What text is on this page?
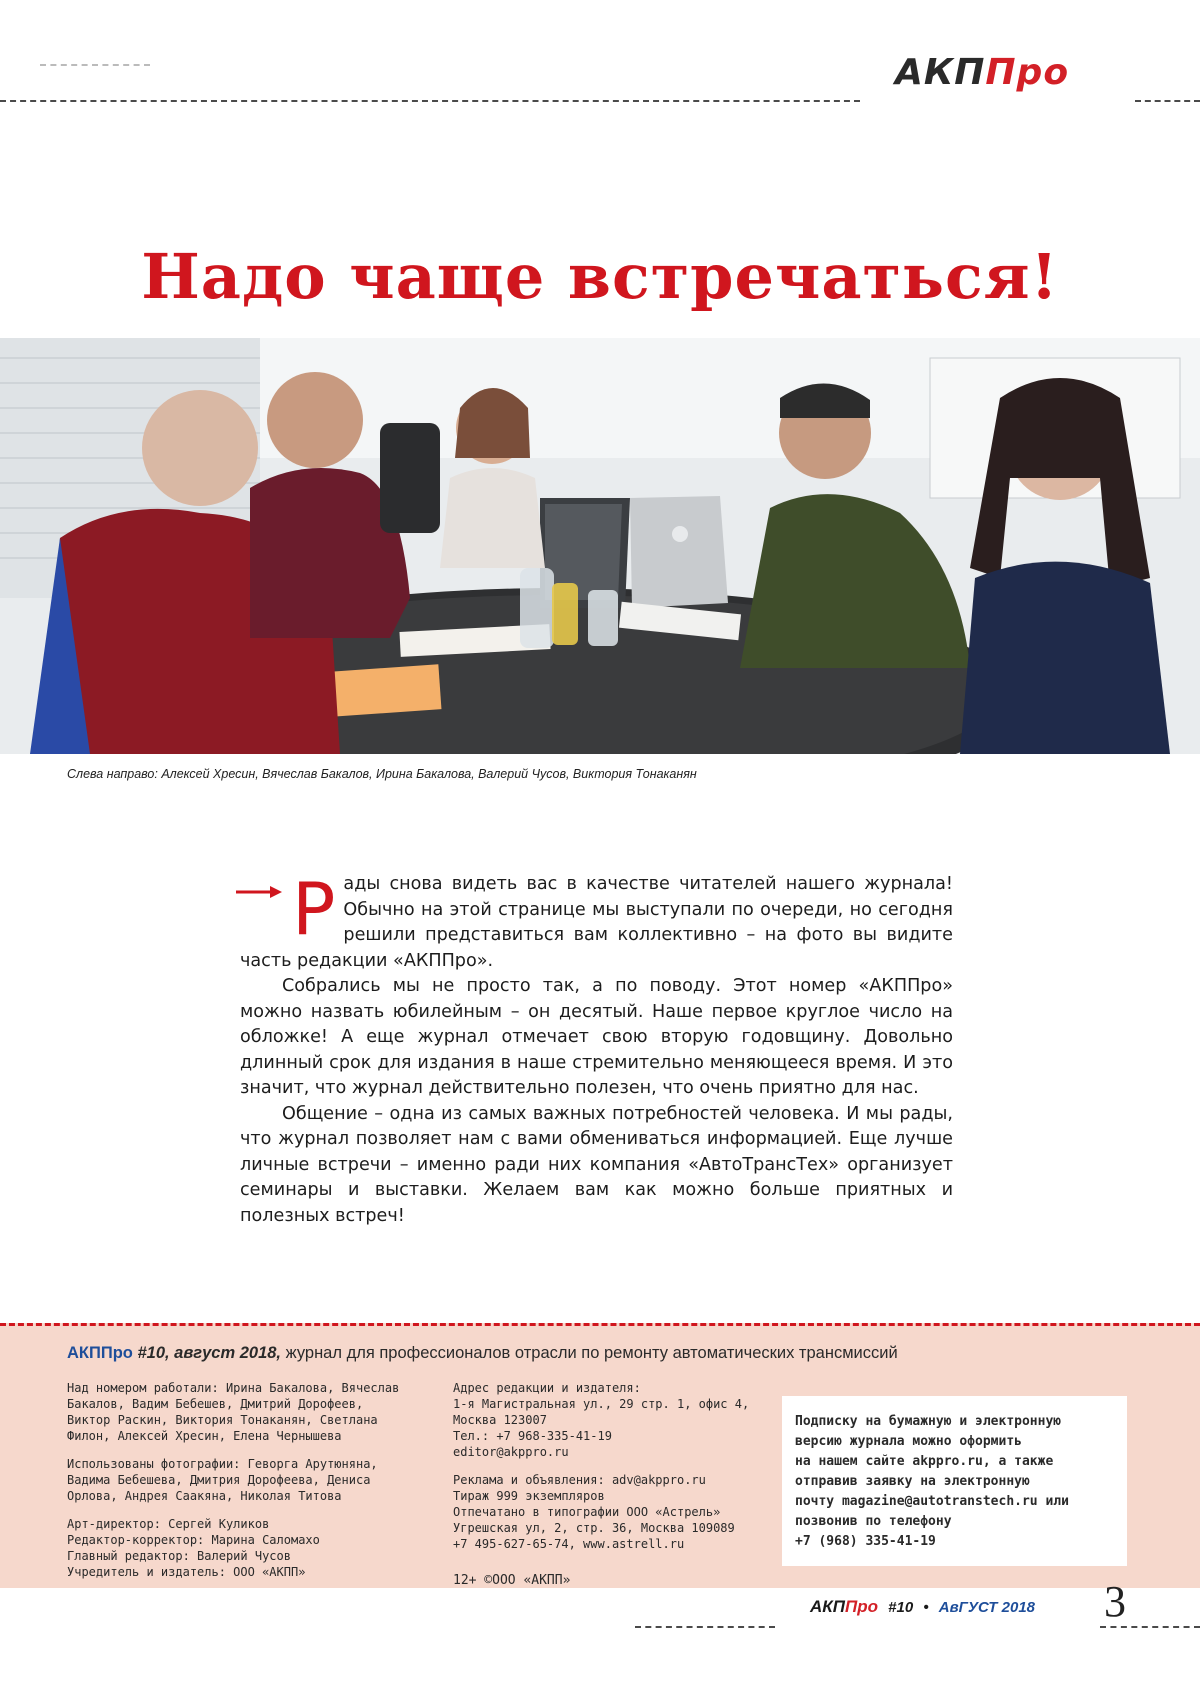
АКППро
Надо чаще встречаться!
Слева направо: Алексей Хресин, Вячеслав Бакалов, Ирина Бакалова, Валерий Чусов, Виктория Тонаканян

Рады снова видеть вас в качестве читателей нашего журнала! Обычно на этой странице мы выступали по очереди, но сегодня решили представиться вам коллективно – на фото вы видите часть редакции «АКППро».

Собрались мы не просто так, а по поводу. Этот номер «АКППро» можно назвать юбилейным – он десятый. Наше первое круглое число на обложке! А еще журнал отмечает свою вторую годовщину. Довольно длинный срок для издания в наше стремительно меняющееся время. И это значит, что журнал действительно полезен, что очень приятно для нас.

Общение – одна из самых важных потребностей человека. И мы рады, что журнал позволяет нам с вами обмениваться информацией. Еще лучше личные встречи – именно ради них компания «АвтоТрансТех» организует семинары и выставки. Желаем вам как можно больше приятных и полезных встреч!

АКППро #10, август 2018, журнал для профессионалов отрасли по ремонту автоматических трансмиссий

Над номером работали: Ирина Бакалова, Вячеслав
Бакалов, Вадим Бебешев, Дмитрий Дорофеев,
Виктор Раскин, Виктория Тонаканян, Светлана
Филон, Алексей Хресин, Елена Чернышева

Использованы фотографии: Геворга Арутюняна,
Вадима Бебешева, Дмитрия Дорофеева, Дениса
Орлова, Андрея Саакяна, Николая Титова

Арт-директор: Сергей Куликов
Редактор-корректор: Марина Саломахо
Главный редактор: Валерий Чусов
Учредитель и издатель: ООО «АКПП»

Адрес редакции и издателя:
1-я Магистральная ул., 29 стр. 1, офис 4,
Москва 123007
Тел.: +7 968-335-41-19
editor@akppro.ru

Реклама и объявления: adv@akppro.ru
Тираж 999 экземпляров
Отпечатано в типографии ООО «Астрель»
Угрешская ул, 2, стр. 36, Москва 109089
+7 495-627-65-74, www.astrell.ru

12+ ©ООО «АКПП»
Подписку на бумажную и электронную
версию журнала можно оформить
на нашем сайте akppro.ru, а также
отправив заявку на электронную
почту magazine@autotranstech.ru или
позвонив по телефону
+7 (968) 335-41-19
АКППро #10 • АвГУСТ 2018 3
